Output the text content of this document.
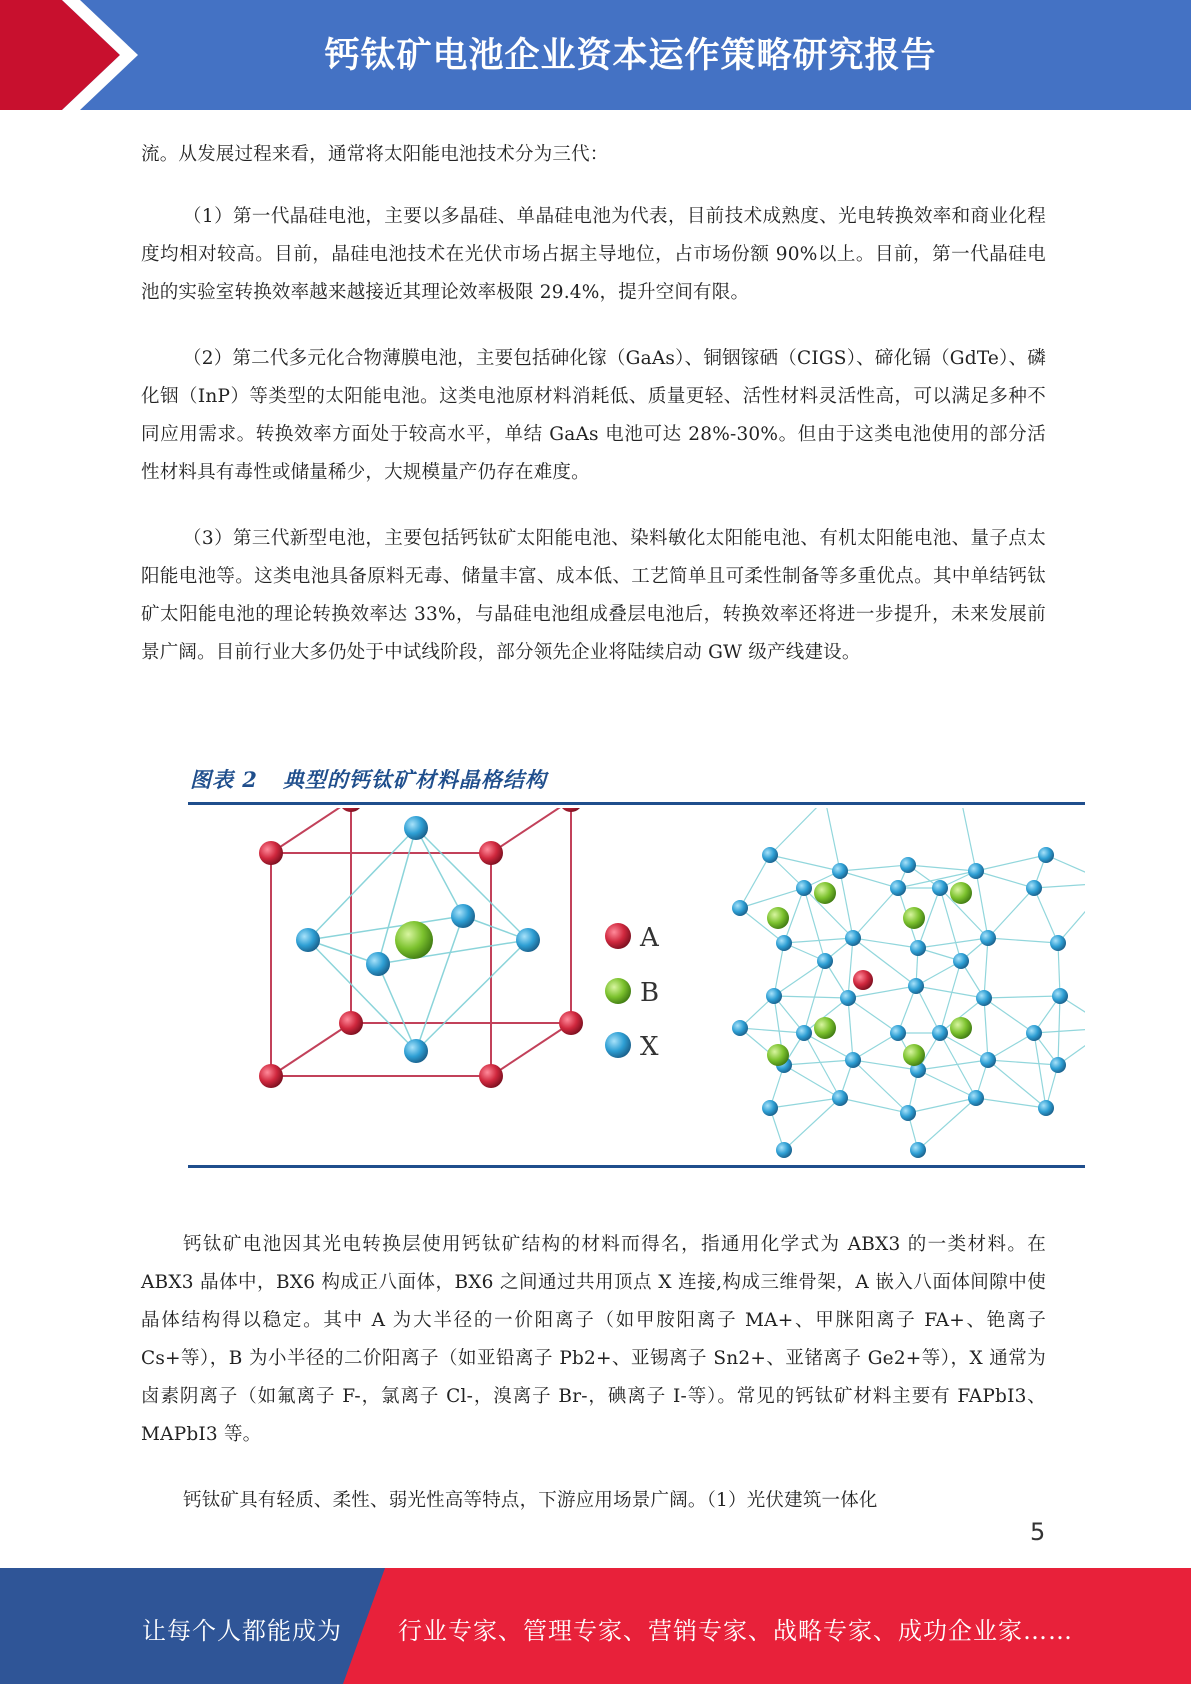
钙钛矿电池企业资本运作策略研究报告

流。从发展过程来看，通常将太阳能电池技术分为三代：

（1）第一代晶硅电池，主要以多晶硅、单晶硅电池为代表，目前技术成熟度、光电转换效率和商业化程度均相对较高。目前，晶硅电池技术在光伏市场占据主导地位，占市场份额 90%以上。目前，第一代晶硅电池的实验室转换效率越来越接近其理论效率极限 29.4%，提升空间有限。

（2）第二代多元化合物薄膜电池，主要包括砷化镓（GaAs）、铜铟镓硒（CIGS）、碲化镉（GdTe）、磷化铟（InP）等类型的太阳能电池。这类电池原材料消耗低、质量更轻、活性材料灵活性高，可以满足多种不同应用需求。转换效率方面处于较高水平，单结 GaAs 电池可达 28%-30%。但由于这类电池使用的部分活性材料具有毒性或储量稀少，大规模量产仍存在难度。

（3）第三代新型电池，主要包括钙钛矿太阳能电池、染料敏化太阳能电池、有机太阳能电池、量子点太阳能电池等。这类电池具备原料无毒、储量丰富、成本低、工艺简单且可柔性制备等多重优点。其中单结钙钛矿太阳能电池的理论转换效率达 33%，与晶硅电池组成叠层电池后，转换效率还将进一步提升，未来发展前景广阔。目前行业大多仍处于中试线阶段，部分领先企业将陆续启动 GW 级产线建设。

图表 2   典型的钙钛矿材料晶格结构
A
B
X

钙钛矿电池因其光电转换层使用钙钛矿结构的材料而得名，指通用化学式为 ABX3 的一类材料。在 ABX3 晶体中，BX6 构成正八面体，BX6 之间通过共用顶点 X 连接,构成三维骨架，A 嵌入八面体间隙中使晶体结构得以稳定。其中 A 为大半径的一价阳离子（如甲胺阳离子 MA+、甲脒阳离子 FA+、铯离子 Cs+等），B 为小半径的二价阳离子（如亚铅离子 Pb2+、亚锡离子 Sn2+、亚锗离子 Ge2+等），X 通常为卤素阴离子（如氟离子 F-，氯离子 Cl-，溴离子 Br-，碘离子 I-等）。常见的钙钛矿材料主要有 FAPbI3、MAPbI3 等。

钙钛矿具有轻质、柔性、弱光性高等特点，下游应用场景广阔。（1）光伏建筑一体化

5
让每个人都能成为 行业专家、管理专家、营销专家、战略专家、成功企业家……
